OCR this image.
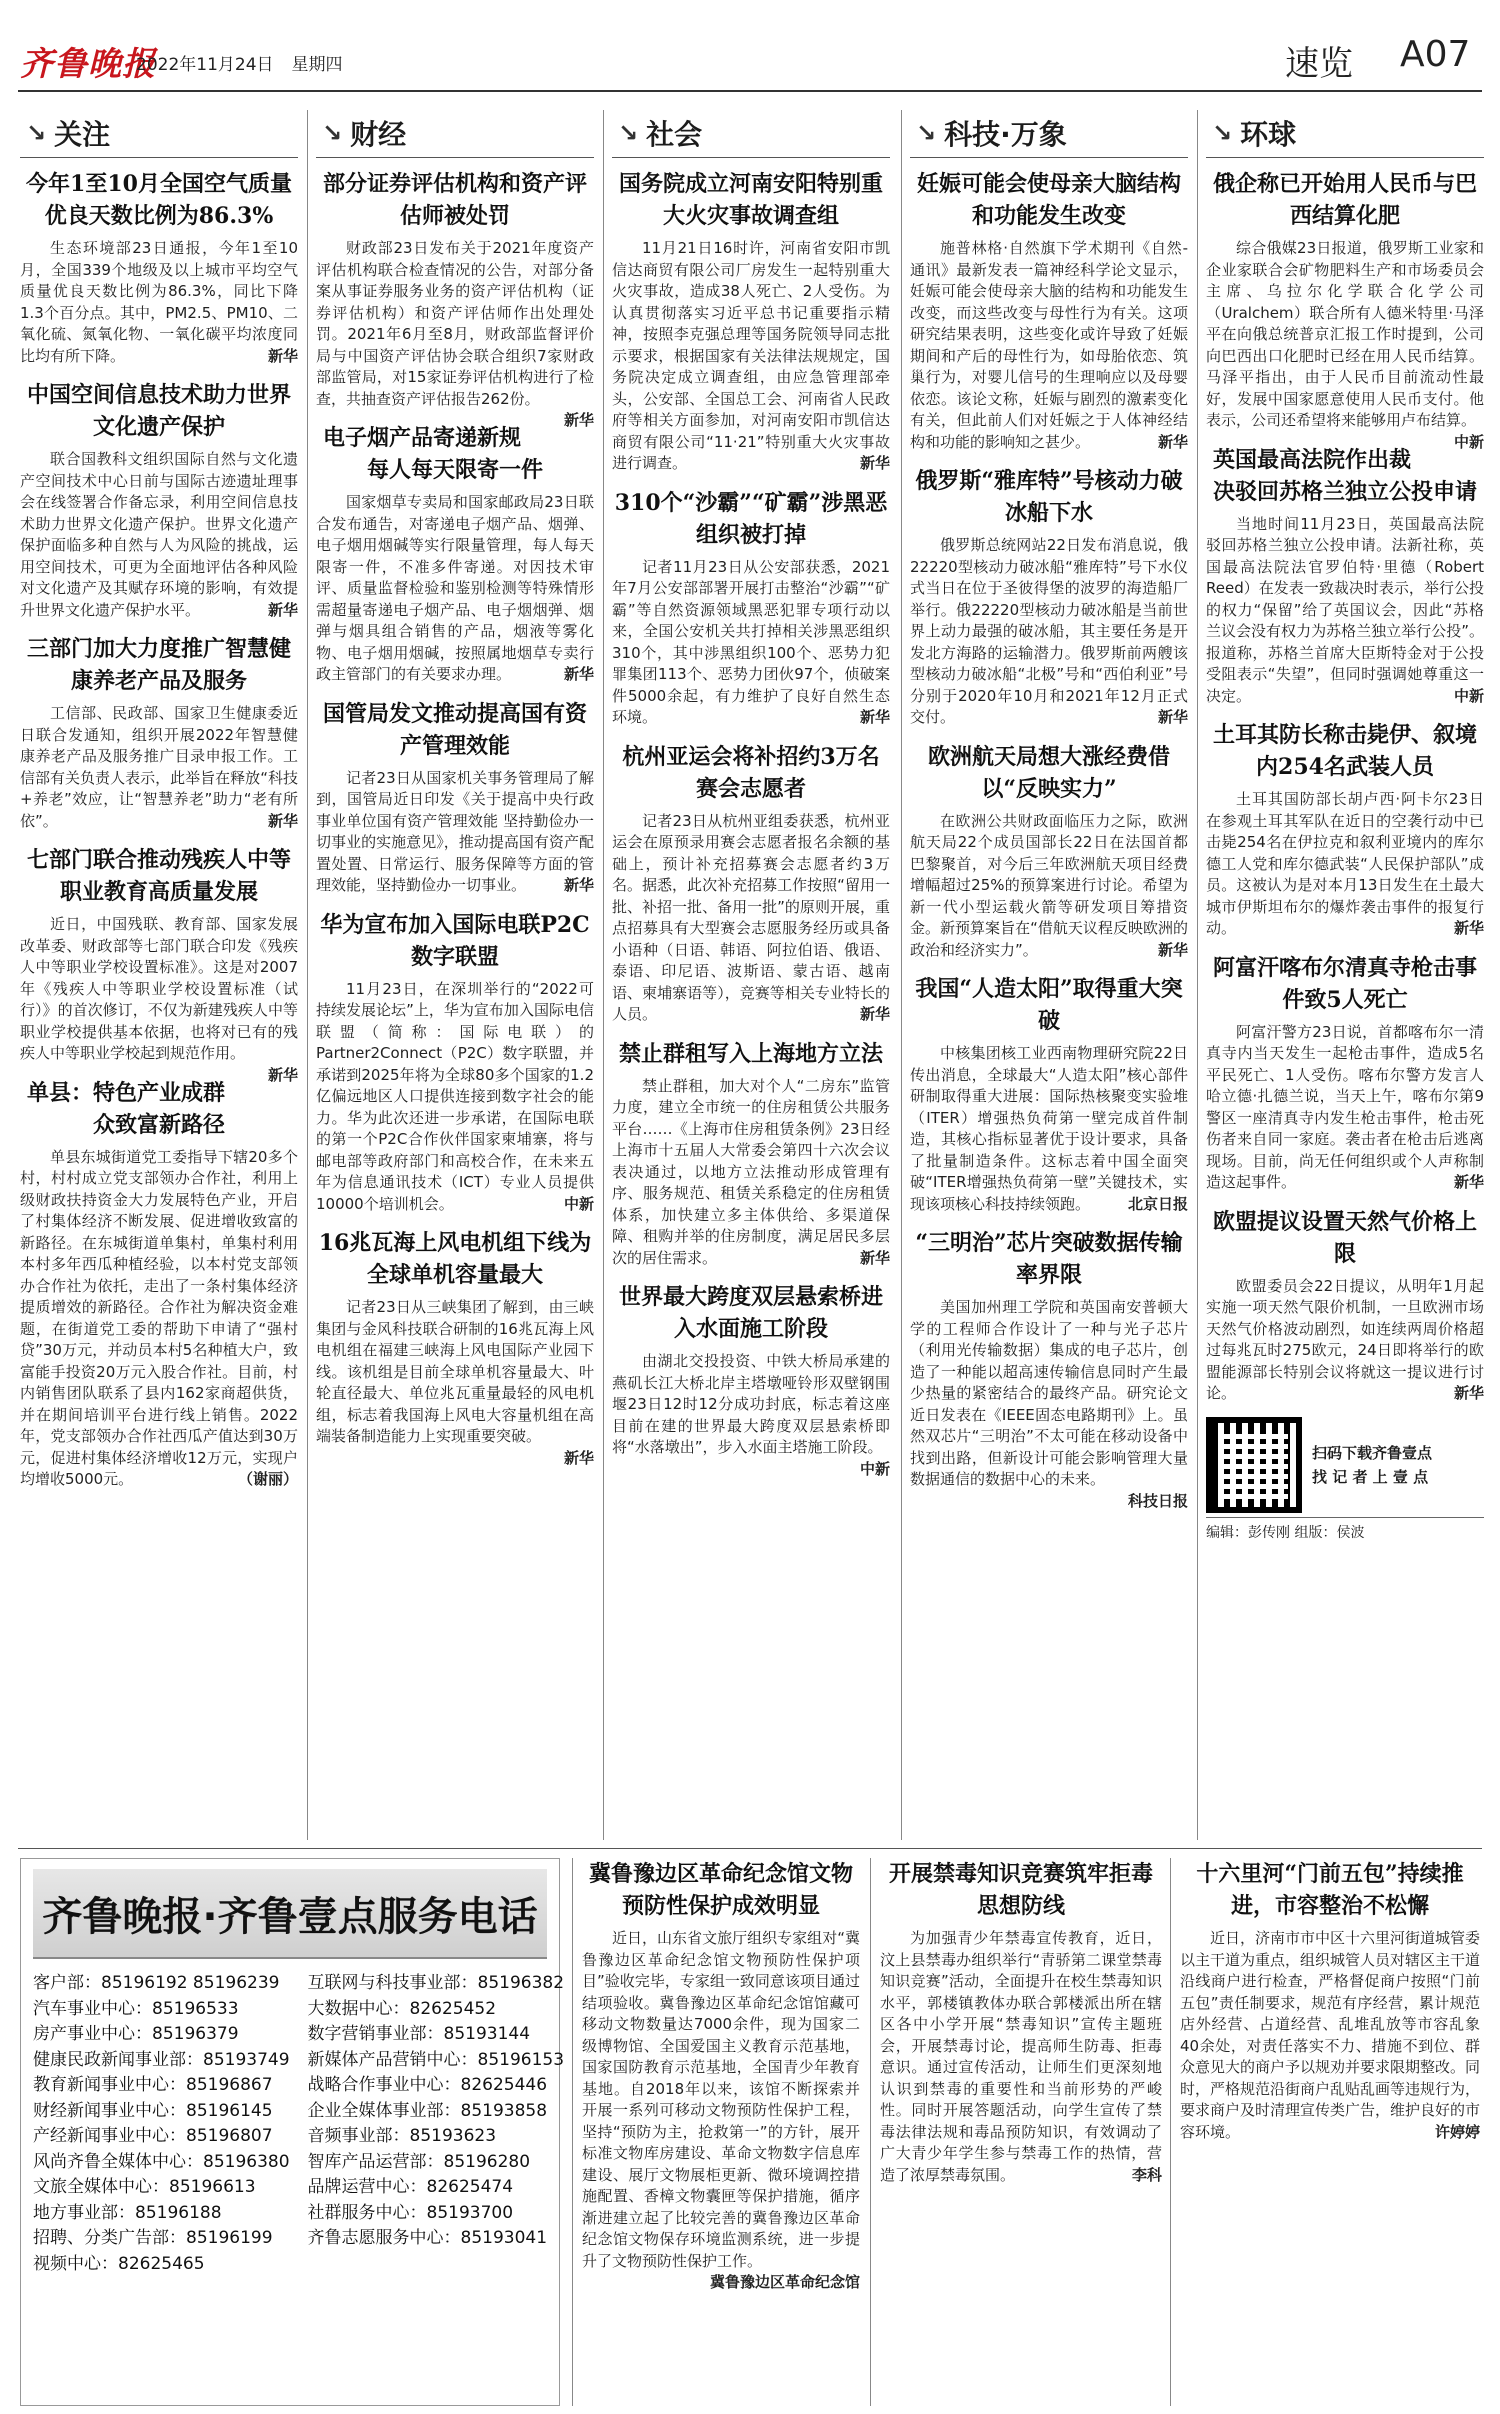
齐鲁晚报
2022年11月24日 星期四	速览 A07
↘ 关注
今年1至10月全国空气质量优良天数比例为86.3%

生态环境部23日通报，今年1至10月，全国339个地级及以上城市平均空气质量优良天数比例为86.3%，同比下降1.3个百分点。其中，PM2.5、PM10、二氧化硫、氮氧化物、一氧化碳平均浓度同比均有所下降。	新华

中国空间信息技术助力世界文化遗产保护

联合国教科文组织国际自然与文化遗产空间技术中心日前与国际古迹遗址理事会在线签署合作备忘录，利用空间信息技术助力世界文化遗产保护。世界文化遗产保护面临多种自然与人为风险的挑战，运用空间技术，可更为全面地评估各种风险对文化遗产及其赋存环境的影响，有效提升世界文化遗产保护水平。	新华

三部门加大力度推广智慧健康养老产品及服务

工信部、民政部、国家卫生健康委近日联合发通知，组织开展2022年智慧健康养老产品及服务推广目录申报工作。工信部有关负责人表示，此举旨在释放“科技+养老”效应，让“智慧养老”助力“老有所依”。	新华

七部门联合推动残疾人中等职业教育高质量发展

近日，中国残联、教育部、国家发展改革委、财政部等七部门联合印发《残疾人中等职业学校设置标准》。这是对2007年《残疾人中等职业学校设置标准（试行）》的首次修订，不仅为新建残疾人中等职业学校提供基本依据，也将对已有的残疾人中等职业学校起到规范作用。
新华

单县：特色产业成群众致富新路径

单县东城街道党工委指导下辖20多个村，村村成立党支部领办合作社，利用上级财政扶持资金大力发展特色产业，开启了村集体经济不断发展、促进增收致富的新路径。在东城街道单集村，单集村利用本村多年西瓜种植经验，以本村党支部领办合作社为依托，走出了一条村集体经济提质增效的新路径。合作社为解决资金难题，在街道党工委的帮助下申请了“强村贷”30万元，并动员本村5名种植大户，致富能手投资20万元入股合作社。目前，村内销售团队联系了县内162家商超供货，并在期间培训平台进行线上销售。2022年，党支部领办合作社西瓜产值达到30万元，促进村集体经济增收12万元，实现户均增收5000元。	（谢丽）

↘ 财经
部分证券评估机构和资产评估师被处罚

财政部23日发布关于2021年度资产评估机构联合检查情况的公告，对部分备案从事证券服务业务的资产评估机构（证券评估机构）和资产评估师作出处理处罚。2021年6月至8月，财政部监督评价局与中国资产评估协会联合组织7家财政部监管局，对15家证券评估机构进行了检查，共抽查资产评估报告262份。
新华

电子烟产品寄递新规每人每天限寄一件

国家烟草专卖局和国家邮政局23日联合发布通告，对寄递电子烟产品、烟弹、电子烟用烟碱等实行限量管理，每人每天限寄一件，不准多件寄递。对因技术审评、质量监督检验和鉴别检测等特殊情形需超量寄递电子烟产品、电子烟烟弹、烟弹与烟具组合销售的产品，烟液等雾化物、电子烟用烟碱，按照属地烟草专卖行政主管部门的有关要求办理。	新华

国管局发文推动提高国有资产管理效能

记者23日从国家机关事务管理局了解到，国管局近日印发《关于提高中央行政事业单位国有资产管理效能 坚持勤俭办一切事业的实施意见》，推动提高国有资产配置处置、日常运行、服务保障等方面的管理效能，坚持勤俭办一切事业。	新华

华为宣布加入国际电联P2C数字联盟

11月23日，在深圳举行的“2022可持续发展论坛”上，华为宣布加入国际电信联盟（简称：国际电联）的Partner2Connect（P2C）数字联盟，并承诺到2025年将为全球80多个国家的1.2亿偏远地区人口提供连接到数字社会的能力。华为此次还进一步承诺，在国际电联的第一个P2C合作伙伴国家柬埔寨，将与邮电部等政府部门和高校合作，在未来五年为信息通讯技术（ICT）专业人员提供10000个培训机会。	中新

16兆瓦海上风电机组下线为全球单机容量最大

记者23日从三峡集团了解到，由三峡集团与金风科技联合研制的16兆瓦海上风电机组在福建三峡海上风电国际产业园下线。该机组是目前全球单机容量最大、叶轮直径最大、单位兆瓦重量最轻的风电机组，标志着我国海上风电大容量机组在高端装备制造能力上实现重要突破。
新华

↘ 社会
国务院成立河南安阳特别重大火灾事故调查组

11月21日16时许，河南省安阳市凯信达商贸有限公司厂房发生一起特别重大火灾事故，造成38人死亡、2人受伤。为认真贯彻落实习近平总书记重要指示精神，按照李克强总理等国务院领导同志批示要求，根据国家有关法律法规规定，国务院决定成立调查组，由应急管理部牵头，公安部、全国总工会、河南省人民政府等相关方面参加，对河南安阳市凯信达商贸有限公司“11·21”特别重大火灾事故进行调查。	新华

310个“沙霸”“矿霸”涉黑恶组织被打掉

记者11月23日从公安部获悉，2021年7月公安部部署开展打击整治“沙霸”“矿霸”等自然资源领域黑恶犯罪专项行动以来，全国公安机关共打掉相关涉黑恶组织310个，其中涉黑组织100个、恶势力犯罪集团113个、恶势力团伙97个，侦破案件5000余起，有力维护了良好自然生态环境。	新华

杭州亚运会将补招约3万名赛会志愿者

记者23日从杭州亚组委获悉，杭州亚运会在原预录用赛会志愿者报名余额的基础上，预计补充招募赛会志愿者约3万名。据悉，此次补充招募工作按照“留用一批、补招一批、备用一批”的原则开展，重点招募具有大型赛会志愿服务经历或具备小语种（日语、韩语、阿拉伯语、俄语、泰语、印尼语、波斯语、蒙古语、越南语、柬埔寨语等），竞赛等相关专业特长的人员。	新华

禁止群租写入上海地方立法

禁止群租，加大对个人“二房东”监管力度，建立全市统一的住房租赁公共服务平台……《上海市住房租赁条例》23日经上海市十五届人大常委会第四十六次会议表决通过，以地方立法推动形成管理有序、服务规范、租赁关系稳定的住房租赁体系，加快建立多主体供给、多渠道保障、租购并举的住房制度，满足居民多层次的居住需求。	新华

世界最大跨度双层悬索桥进入水面施工阶段

由湖北交投投资、中铁大桥局承建的燕矶长江大桥北岸主塔墩哑铃形双壁钢围堰23日12时12分成功封底，标志着这座目前在建的世界最大跨度双层悬索桥即将“水落墩出”，步入水面主塔施工阶段。
中新

↘ 科技·万象
妊娠可能会使母亲大脑结构和功能发生改变

施普林格·自然旗下学术期刊《自然-通讯》最新发表一篇神经科学论文显示，妊娠可能会使母亲大脑的结构和功能发生改变，而这些改变与母性行为有关。这项研究结果表明，这些变化或许导致了妊娠期间和产后的母性行为，如母胎依恋、筑巢行为，对婴儿信号的生理响应以及母婴依恋。该论文称，妊娠与剧烈的激素变化有关，但此前人们对妊娠之于人体神经结构和功能的影响知之甚少。	新华

俄罗斯“雅库特”号核动力破冰船下水

俄罗斯总统网站22日发布消息说，俄22220型核动力破冰船“雅库特”号下水仪式当日在位于圣彼得堡的波罗的海造船厂举行。俄22220型核动力破冰船是当前世界上动力最强的破冰船，其主要任务是开发北方海路的运输潜力。俄罗斯前两艘该型核动力破冰船“北极”号和“西伯利亚”号分别于2020年10月和2021年12月正式交付。	新华

欧洲航天局想大涨经费借以“反映实力”

在欧洲公共财政面临压力之际，欧洲航天局22个成员国部长22日在法国首都巴黎聚首，对今后三年欧洲航天项目经费增幅超过25%的预算案进行讨论。希望为新一代小型运载火箭等研发项目筹措资金。新预算案旨在“借航天议程反映欧洲的政治和经济实力”。	新华

我国“人造太阳”取得重大突破

中核集团核工业西南物理研究院22日传出消息，全球最大“人造太阳”核心部件研制取得重大进展：国际热核聚变实验堆（ITER）增强热负荷第一壁完成首件制造，其核心指标显著优于设计要求，具备了批量制造条件。这标志着中国全面突破“ITER增强热负荷第一壁”关键技术，实现该项核心科技持续领跑。	北京日报

“三明治”芯片突破数据传输率界限

美国加州理工学院和英国南安普顿大学的工程师合作设计了一种与光子芯片（利用光传输数据）集成的电子芯片，创造了一种能以超高速传输信息同时产生最少热量的紧密结合的最终产品。研究论文近日发表在《IEEE固态电路期刊》上。虽然双芯片“三明治”不太可能在移动设备中找到出路，但新设计可能会影响管理大量数据通信的数据中心的未来。
科技日报

↘ 环球
俄企称已开始用人民币与巴西结算化肥

综合俄媒23日报道，俄罗斯工业家和企业家联合会矿物肥料生产和市场委员会主席、乌拉尔化学联合化学公司（Uralchem）联合所有人德米特里·马泽平在向俄总统普京汇报工作时提到，公司向巴西出口化肥时已经在用人民币结算。马泽平指出，由于人民币目前流动性最好，发展中国家愿意使用人民币支付。他表示，公司还希望将来能够用卢布结算。
中新

英国最高法院作出裁决驳回苏格兰独立公投申请

当地时间11月23日，英国最高法院驳回苏格兰独立公投申请。法新社称，英国最高法院法官罗伯特·里德（Robert Reed）在发表一致裁决时表示，举行公投的权力“保留”给了英国议会，因此“苏格兰议会没有权力为苏格兰独立举行公投”。报道称，苏格兰首席大臣斯特金对于公投受阻表示“失望”，但同时强调她尊重这一决定。	中新

土耳其防长称击毙伊、叙境内254名武装人员

土耳其国防部长胡卢西·阿卡尔23日在参观土耳其军队在近日的空袭行动中已击毙254名在伊拉克和叙利亚境内的库尔德工人党和库尔德武装“人民保护部队”成员。这被认为是对本月13日发生在土最大城市伊斯坦布尔的爆炸袭击事件的报复行动。	新华

阿富汗喀布尔清真寺枪击事件致5人死亡

阿富汗警方23日说，首都喀布尔一清真寺内当天发生一起枪击事件，造成5名平民死亡、1人受伤。喀布尔警方发言人哈立德·扎德兰说，当天上午，喀布尔第9警区一座清真寺内发生枪击事件，枪击死伤者来自同一家庭。袭击者在枪击后逃离现场。目前，尚无任何组织或个人声称制造这起事件。	新华

欧盟提议设置天然气价格上限

欧盟委员会22日提议，从明年1月起实施一项天然气限价机制，一旦欧洲市场天然气价格波动剧烈，如连续两周价格超过每兆瓦时275欧元，24日即将举行的欧盟能源部长特别会议将就这一提议进行讨论。	新华

扫码下载齐鲁壹点
找 记 者 上 壹 点
编辑：彭传刚 组版：侯波
齐鲁晚报·齐鲁壹点服务电话
客户部：85196192 85196239
汽车事业中心：85196533
房产事业中心：85196379
健康民政新闻事业部：85193749
教育新闻事业中心：85196867
财经新闻事业中心：85196145
产经新闻事业中心：85196807
风尚齐鲁全媒体中心：85196380
文旅全媒体中心：85196613
地方事业部：85196188
招聘、分类广告部：85196199
视频中心：82625465
互联网与科技事业部：85196382
大数据中心：82625452
数字营销事业部：85193144
新媒体产品营销中心：85196153
战略合作事业中心：82625446
企业全媒体事业部：85193858
音频事业部：85193623
智库产品运营部：85196280
品牌运营中心：82625474
社群服务中心：85193700
齐鲁志愿服务中心：85193041
冀鲁豫边区革命纪念馆文物预防性保护成效明显

近日，山东省文旅厅组织专家组对“冀鲁豫边区革命纪念馆文物预防性保护项目”验收完毕，专家组一致同意该项目通过结项验收。冀鲁豫边区革命纪念馆馆藏可移动文物数量达7000余件，现为国家二级博物馆、全国爱国主义教育示范基地，国家国防教育示范基地，全国青少年教育基地。自2018年以来，该馆不断探索并开展一系列可移动文物预防性保护工程，坚持“预防为主，抢救第一”的方针，展开标准文物库房建设、革命文物数字信息库建设、展厅文物展柜更新、微环境调控措施配置、香樟文物囊匣等保护措施，循序渐进建立起了比较完善的冀鲁豫边区革命纪念馆文物保存环境监测系统，进一步提升了文物预防性保护工作。
冀鲁豫边区革命纪念馆

开展禁毒知识竞赛筑牢拒毒思想防线

为加强青少年禁毒宣传教育，近日，汶上县禁毒办组织举行“青骄第二课堂禁毒知识竞赛”活动，全面提升在校生禁毒知识水平，郭楼镇教体办联合郭楼派出所在辖区各中小学开展“禁毒知识”宣传主题班会，开展禁毒讨论，提高师生防毒、拒毒意识。通过宣传活动，让师生们更深刻地认识到禁毒的重要性和当前形势的严峻性。同时开展答题活动，向学生宣传了禁毒法律法规和毒品预防知识，有效调动了广大青少年学生参与禁毒工作的热情，营造了浓厚禁毒氛围。	李科

十六里河“门前五包”持续推进，市容整治不松懈

近日，济南市市中区十六里河街道城管委以主干道为重点，组织城管人员对辖区主干道沿线商户进行检查，严格督促商户按照“门前五包”责任制要求，规范有序经营，累计规范店外经营、占道经营、乱堆乱放等市容乱象40余处，对责任落实不力、措施不到位、群众意见大的商户予以规劝并要求限期整改。同时，严格规范沿街商户乱贴乱画等违规行为，要求商户及时清理宣传类广告，维护良好的市容环境。	许婷婷
